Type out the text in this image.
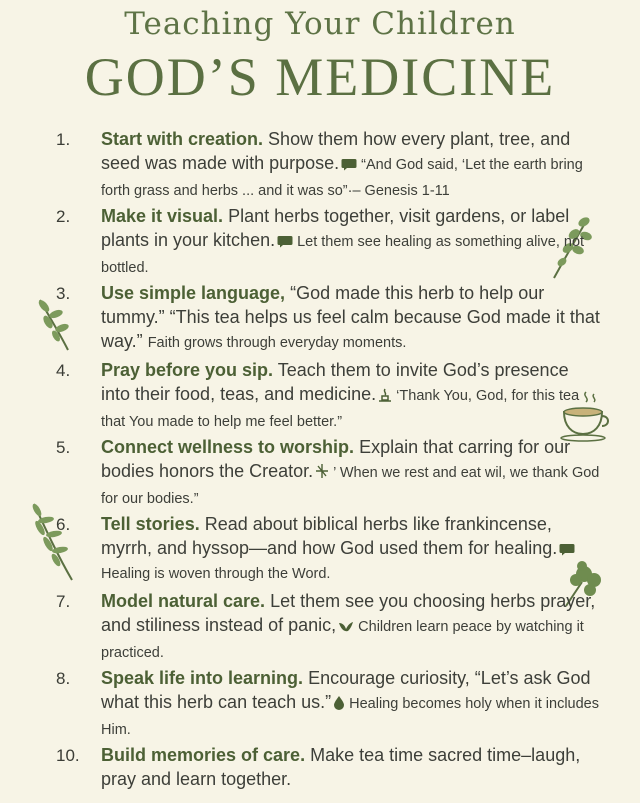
Teaching Your Children
GOD’S MEDICINE
1. Start with creation. Show them how every plant, tree, and seed was made with purpose. “And God said, ‘Let the earth bring forth grass and herbs ... and it was so”·– Genesis 1-11
2. Make it visual. Plant herbs together, visit gardens, or label plants in your kitchen. Let them see healing as something alive, not bottled.
3. Use simple language, “God made this herb to help our tummy.” “This tea helps us feel calm because God made it that way.” Faith grows through everyday moments.
4. Pray before you sip. Teach them to invite God’s presence into their food, teas, and medicine. ‘Thank You, God, for this tea that You made to help me feel better.”
5. Connect wellness to worship. Explain that carring for our bodies honors the Creator. ’ When we rest and eat wil, we thank God for our bodies.”
6. Tell stories. Read about biblical herbs like frankincense, myrrh, and hyssop—and how God used them for healing.Healing is woven through the Word.
7. Model natural care. Let them see you choosing herbs prayer, and stiliness instead of panic, Children learn peace by watching it practiced.
8. Speak life into learning. Encourage curiosity, “Let’s ask God what this herb can teach us.” Healing becomes holy when it includes Him.
10. Build memories of care. Make tea time sacred time–laugh, pray and learn together.
